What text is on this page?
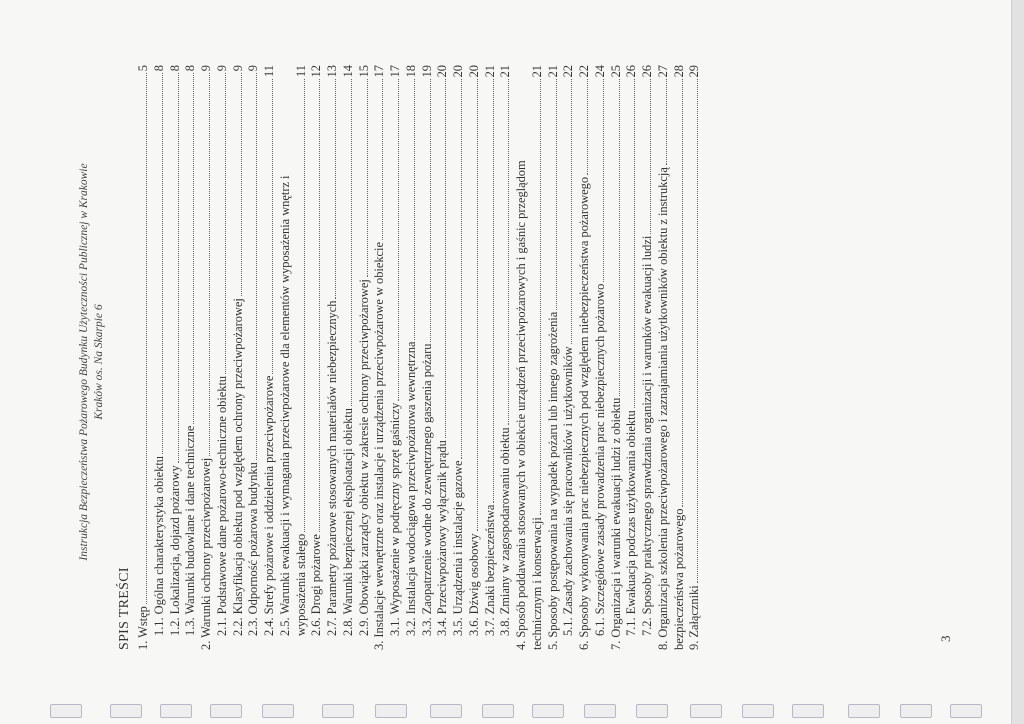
Instrukcja Bezpieczeństwa Pożarowego Budynku Użyteczności Publicznej w Krakowie Kraków os. Na Skarpie 6
SPIS TREŚCI 1. Wstęp
5
1.1. Ogólna charakterystyka obiektu
8
1.2. Lokalizacja, dojazd pożarowy
8
1.3. Warunki budowlane i dane techniczne
8
2. Warunki ochrony przeciwpożarowej
9
2.1. Podstawowe dane pożarowo-techniczne obiektu
9
2.2. Klasyfikacja obiektu pod względem ochrony przeciwpożarowej
9
2.3. Odporność pożarowa budynku
9
2.4. Strefy pożarowe i oddzielenia przeciwpożarowe
11
2.5. Warunki ewakuacji i wymagania przeciwpożarowe dla elementów wyposażenia wnętrz i wyposażenia stałego
11
2.6. Drogi pożarowe
12
2.7. Parametry pożarowe stosowanych materiałów niebezpiecznych
13
2.8. Warunki bezpiecznej eksploatacji obiektu
14
2.9. Obowiązki zarządcy obiektu w zakresie ochrony przeciwpożarowej
15
3. Instalacje wewnętrzne oraz instalacje i urządzenia przeciwpożarowe w obiekcie
17
3.1. Wyposażenie w podręczny sprzęt gaśniczy
17
3.2. Instalacja wodociągowa przeciwpożarowa wewnętrzna
18
3.3. Zaopatrzenie wodne do zewnętrznego gaszenia pożaru
19
3.4. Przeciwpożarowy wyłącznik prądu
20
3.5. Urządzenia i instalacje gazowe
20
3.6. Dźwig osobowy
20
3.7. Znaki bezpieczeństwa
21
3.8. Zmiany w zagospodarowaniu obiektu
21
4. Sposób poddawania stosowanych w obiekcie urządzeń przeciwpożarowych i gaśnic przeglądom technicznym i konserwacji
21
5. Sposoby postępowania na wypadek pożaru lub innego zagrożenia
21
5.1. Zasady zachowania się pracowników i użytkowników
22
6. Sposoby wykonywania prac niebezpiecznych pod względem niebezpieczeństwa pożarowego
22
6.1. Szczegółowe zasady prowadzenia prac niebezpiecznych pożarowo
24
7. Organizacja i warunki ewakuacji ludzi z obiektu
25
7.1. Ewakuacja podczas użytkowania obiektu
26
7.2. Sposoby praktycznego sprawdzania organizacji i warunków ewakuacji ludzi
26
8. Organizacja szkolenia przeciwpożarowego i zaznajamiania użytkowników obiektu z instrukcją
27
bezpieczeństwa pożarowego
28
9. Załączniki
29
3
